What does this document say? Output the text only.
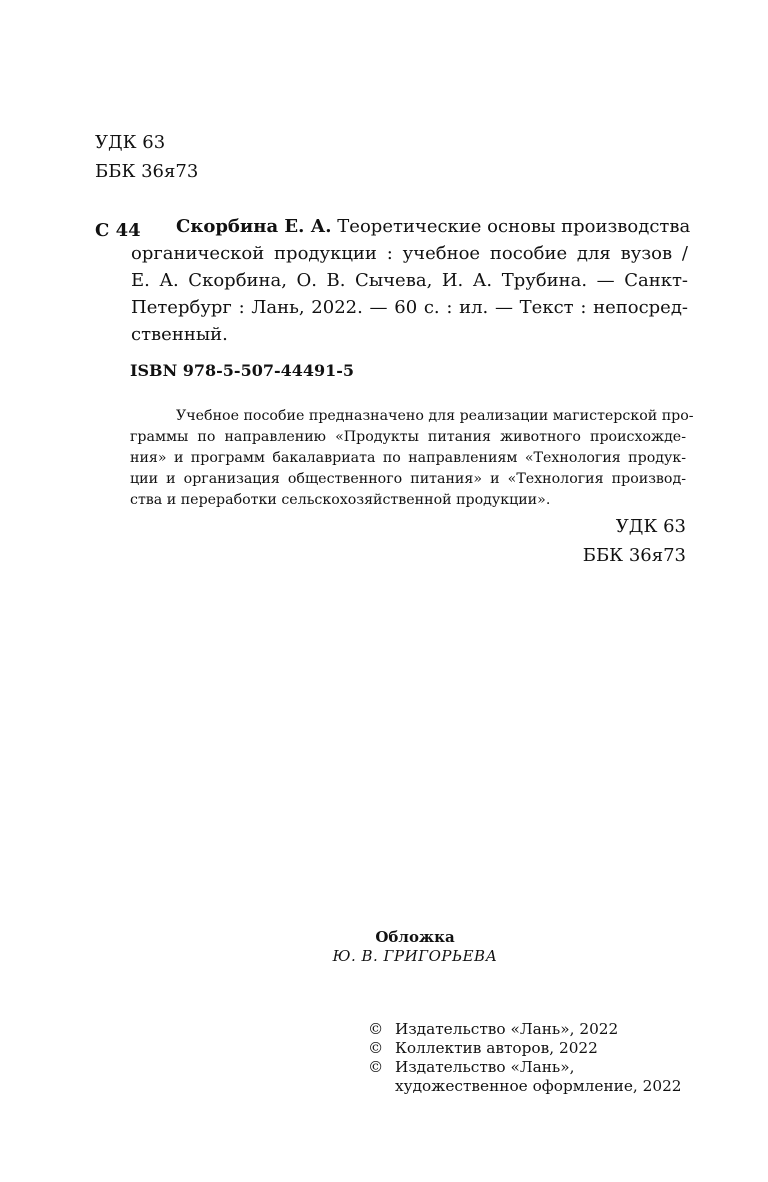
УДК 63
ББК 36я73
С 44 Скорбина Е. А. Теоретические основы производства
органической продукции : учебное пособие для вузов /
Е. А. Скорбина, О. В. Сычева, И. А. Трубина. — Санкт-
Петербург : Лань, 2022. — 60 с. : ил. — Текст : непосред-
ственный.
ISBN 978-5-507-44491-5
Учебное пособие предназначено для реализации магистерской про-
граммы по направлению «Продукты питания животного происхожде-
ния» и программ бакалавриата по направлениям «Технология продук-
ции и организация общественного питания» и «Технология производ-
ства и переработки сельскохозяйственной продукции».
УДК 63
ББК 36я73
Обложка
Ю. В. ГРИГОРЬЕВА
© Издательство «Лань», 2022
© Коллектив авторов, 2022
© Издательство «Лань»,
художественное оформление, 2022
